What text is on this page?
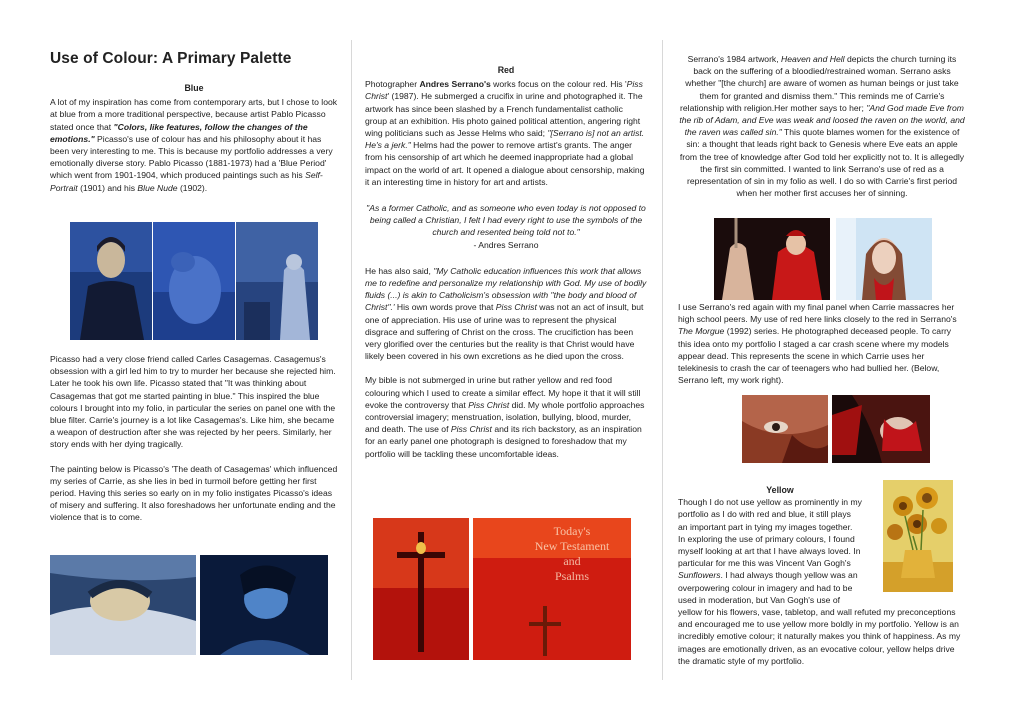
Use of Colour: A Primary Palette

Blue

A lot of my inspiration has come from contemporary arts, but I chose to look at blue from a more traditional perspective, because artist Pablo Picasso stated once that "Colors, like features, follow the changes of the emotions." Picasso's use of colour has and his philosophy about it has been very interesting to me. This is because my portfolio addresses a very emotionally diverse story. Pablo Picasso (1881-1973) had a 'Blue Period' which went from 1901-1904, which produced paintings such as his Self-Portrait (1901) and his Blue Nude (1902).

Picasso had a very close friend called Carles Casagemas. Casagemus's obsession with a girl led him to try to murder her because she rejected him. Later he took his own life. Picasso stated that "It was thinking about Casagemas that got me started painting in blue." This inspired the blue colours I brought into my folio, in particular the series on panel one with the blue filter. Carrie's journey is a lot like Casagemas's. Like him, she became a weapon of destruction after she was rejected by her peers. Similarly, her story ends with her dying tragically.

The painting below is Picasso's 'The death of Casagemas' which influenced my series of Carrie, as she lies in bed in turmoil before getting her first period. Having this series so early on in my folio instigates Picasso's ideas of misery and suffering. It also foreshadows her unfortunate ending and the violence that is to come.

Red

Photographer Andres Serrano's works focus on the colour red. His 'Piss Christ' (1987). He submerged a crucifix in urine and photographed it. The artwork has since been slashed by a French fundamentalist catholic group at an exhibition. His photo gained political attention, angering right wing politicians such as Jesse Helms who said; "[Serrano is] not an artist. He's a jerk." Helms had the power to remove artist's grants. The anger from his censorship of art which he deemed inappropriate had a global impact on the world of art. It opened a dialogue about censorship, making it an interesting time in history for art and artists.

"As a former Catholic, and as someone who even today is not opposed to being called a Christian, I felt I had every right to use the symbols of the church and resented being told not to."

- Andres Serrano

He has also said, "My Catholic education influences this work that allows me to redefine and personalize my relationship with God. My use of bodily fluids (...) is akin to Catholicism's obsession with "the body and blood of Christ".' His own words prove that Piss Christ was not an act of insult, but one of appreciation. His use of urine was to represent the physical disgrace and suffering of Christ on the cross. The crucifiction has been very glorified over the centuries but the reality is that Christ would have likely been covered in his own excretions as he died upon the cross.

My bible is not submerged in urine but rather yellow and red food colouring which I used to create a similar effect. My hope it that it will still evoke the controversy that Piss Christ did. My whole portfolio approaches controversial imagery; menstruation, isolation, bullying, blood, murder, and death. The use of Piss Christ and its rich backstory, as an inspiration for an early panel one photograph is designed to foreshadow that my portfolio will be tackling these uncomfortable ideas.

Today's
New Testament
and
Psalms

Serrano's 1984 artwork, Heaven and Hell depicts the church turning its back on the suffering of a bloodied/restrained woman. Serrano asks whether "[the church] are aware of women as human beings or just take them for granted and dismiss them." This reminds me of Carrie's relationship with religion.Her mother says to her; "And God made Eve from the rib of Adam, and Eve was weak and loosed the raven on the world, and the raven was called sin." This quote blames women for the existence of sin: a thought that leads right back to Genesis where Eve eats an apple from the tree of knowledge after God told her explicitly not to. It is allegedly the first sin committed. I wanted to link Serrano's use of red as a representation of sin in my folio as well. I do so with Carrie's first period when her mother first accuses her of sinning.

I use Serrano's red again with my final panel when Carrie massacres her high school peers. My use of red here links closely to the red in Serrano's The Morgue (1992) series. He photographed deceased people. To carry this idea onto my portfolio I staged a car crash scene where my models appear dead. This represents the scene in which Carrie uses her telekinesis to crash the car of teenagers who had bullied her. (Below, Serrano left, my work right).

Yellow

Though I do not use yellow as prominently in my

portfolio as I do with red and blue, it still plays

an important part in tying my images together.

In exploring the use of primary colours, I found

myself looking at art that I have always loved. In

particular for me this was Vincent Van Gogh's

Sunflowers. I had always though yellow was an

overpowering colour in imagery and had to be

used in moderation, but Van Gogh's use of

yellow for his flowers, vase, tabletop, and wall refuted my preconceptions and encouraged me to use yellow more boldly in my portfolio. Yellow is an incredibly emotive colour; it naturally makes you think of happiness. As my images are emotionally driven, as an evocative colour, yellow helps drive the dramatic style of my portfolio.
